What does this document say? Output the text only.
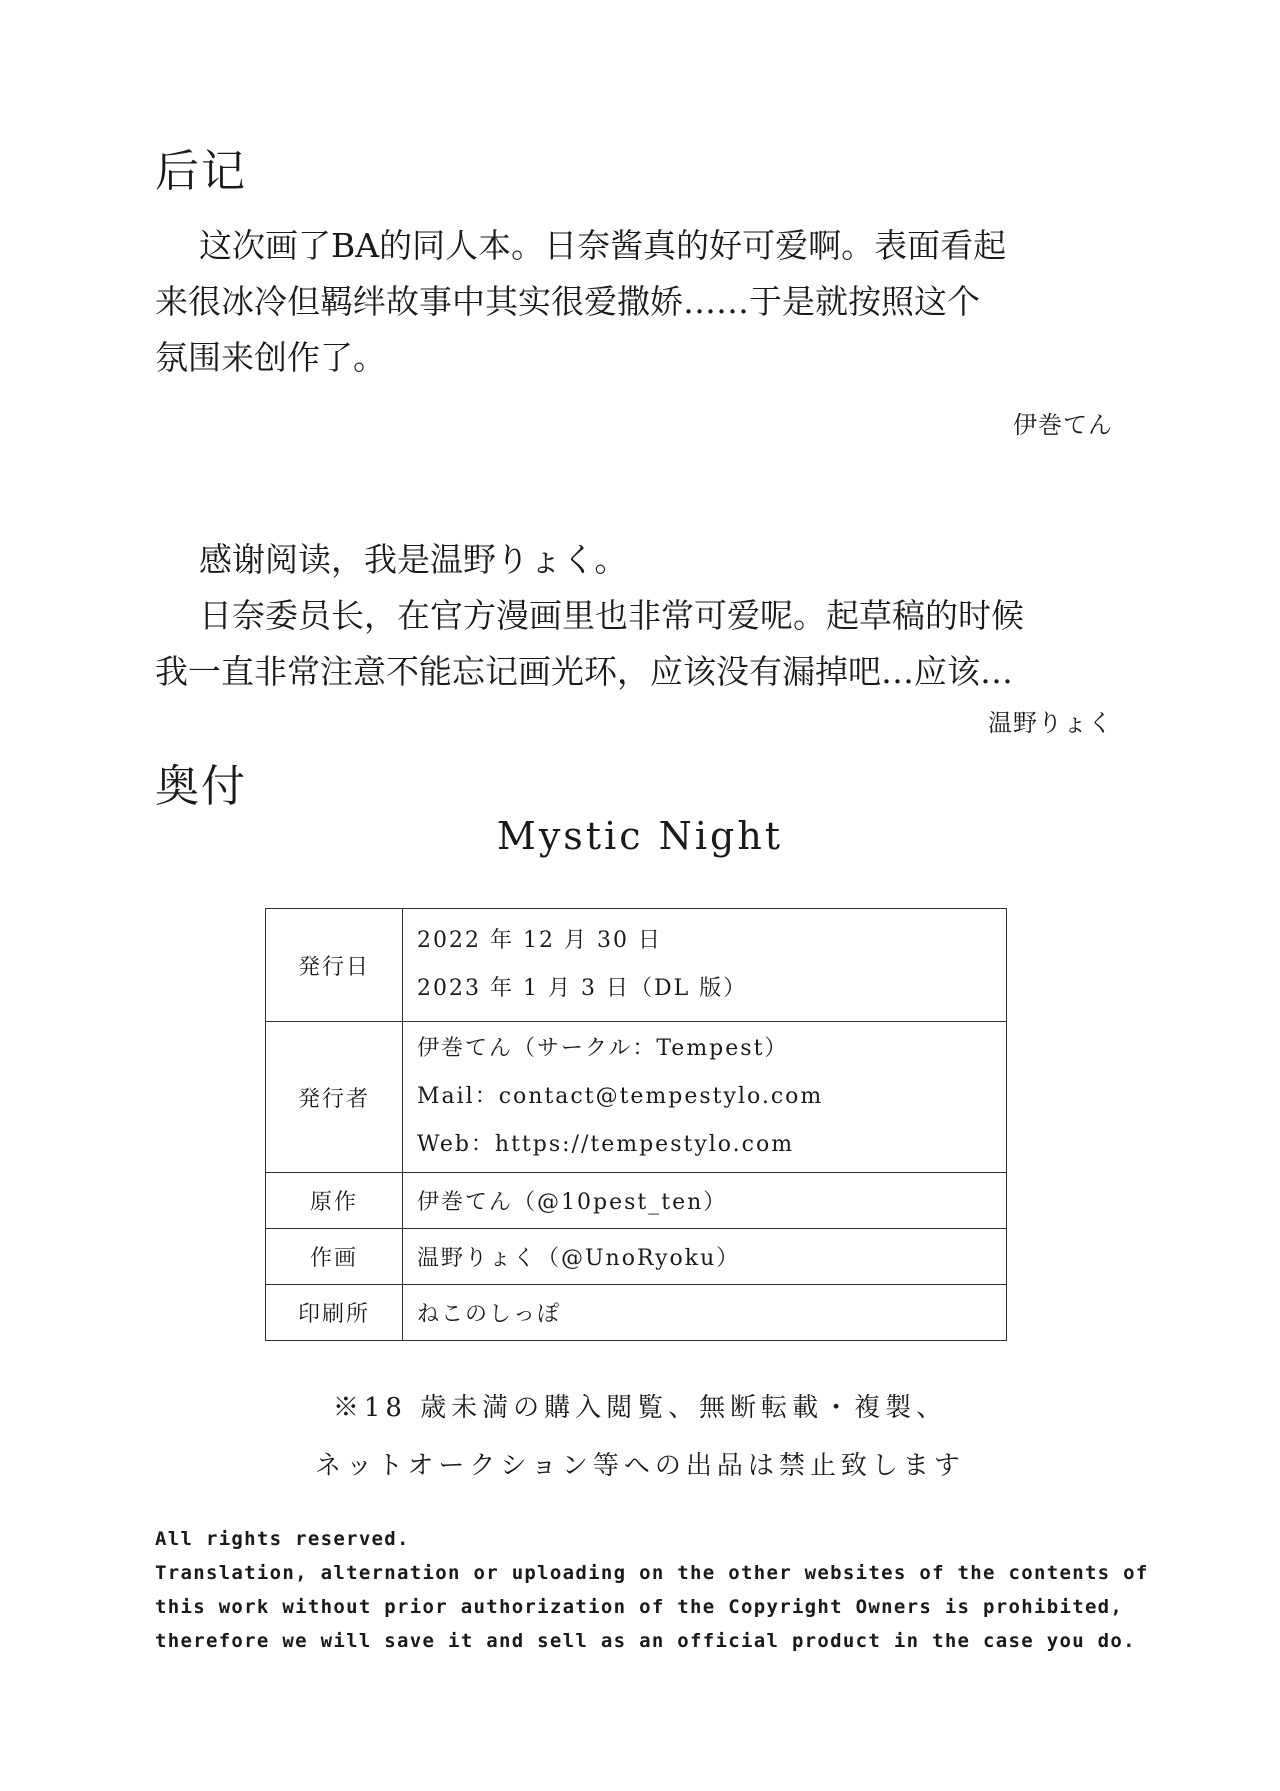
后记
这次画了BA的同人本。日奈酱真的好可爱啊。表面看起
来很冰冷但羁绊故事中其实很爱撒娇……于是就按照这个
氛围来创作了。
伊巻てん
感谢阅读，我是温野りょく。
日奈委员长，在官方漫画里也非常可爱呢。起草稿的时候
我一直非常注意不能忘记画光环，应该没有漏掉吧…应该…
温野りょく
奥付
Mystic Night
発行日	2022 年 12 月 30 日
2023 年 1 月 3 日（DL 版）

発行者	伊巻てん（サークル：Tempest）
Mail：contact@tempestylo.com
Web：https://tempestylo.com

原作	伊巻てん（@10pest_ten）

作画	温野りょく（@UnoRyoku）

印刷所	ねこのしっぽ
※18 歳未満の購入閲覧、無断転載・複製、
ネットオークション等への出品は禁止致します
All rights reserved.
Translation, alternation or uploading on the other websites of the contents of
this work without prior authorization of the Copyright Owners is prohibited,
therefore we will save it and sell as an official product in the case you do.
